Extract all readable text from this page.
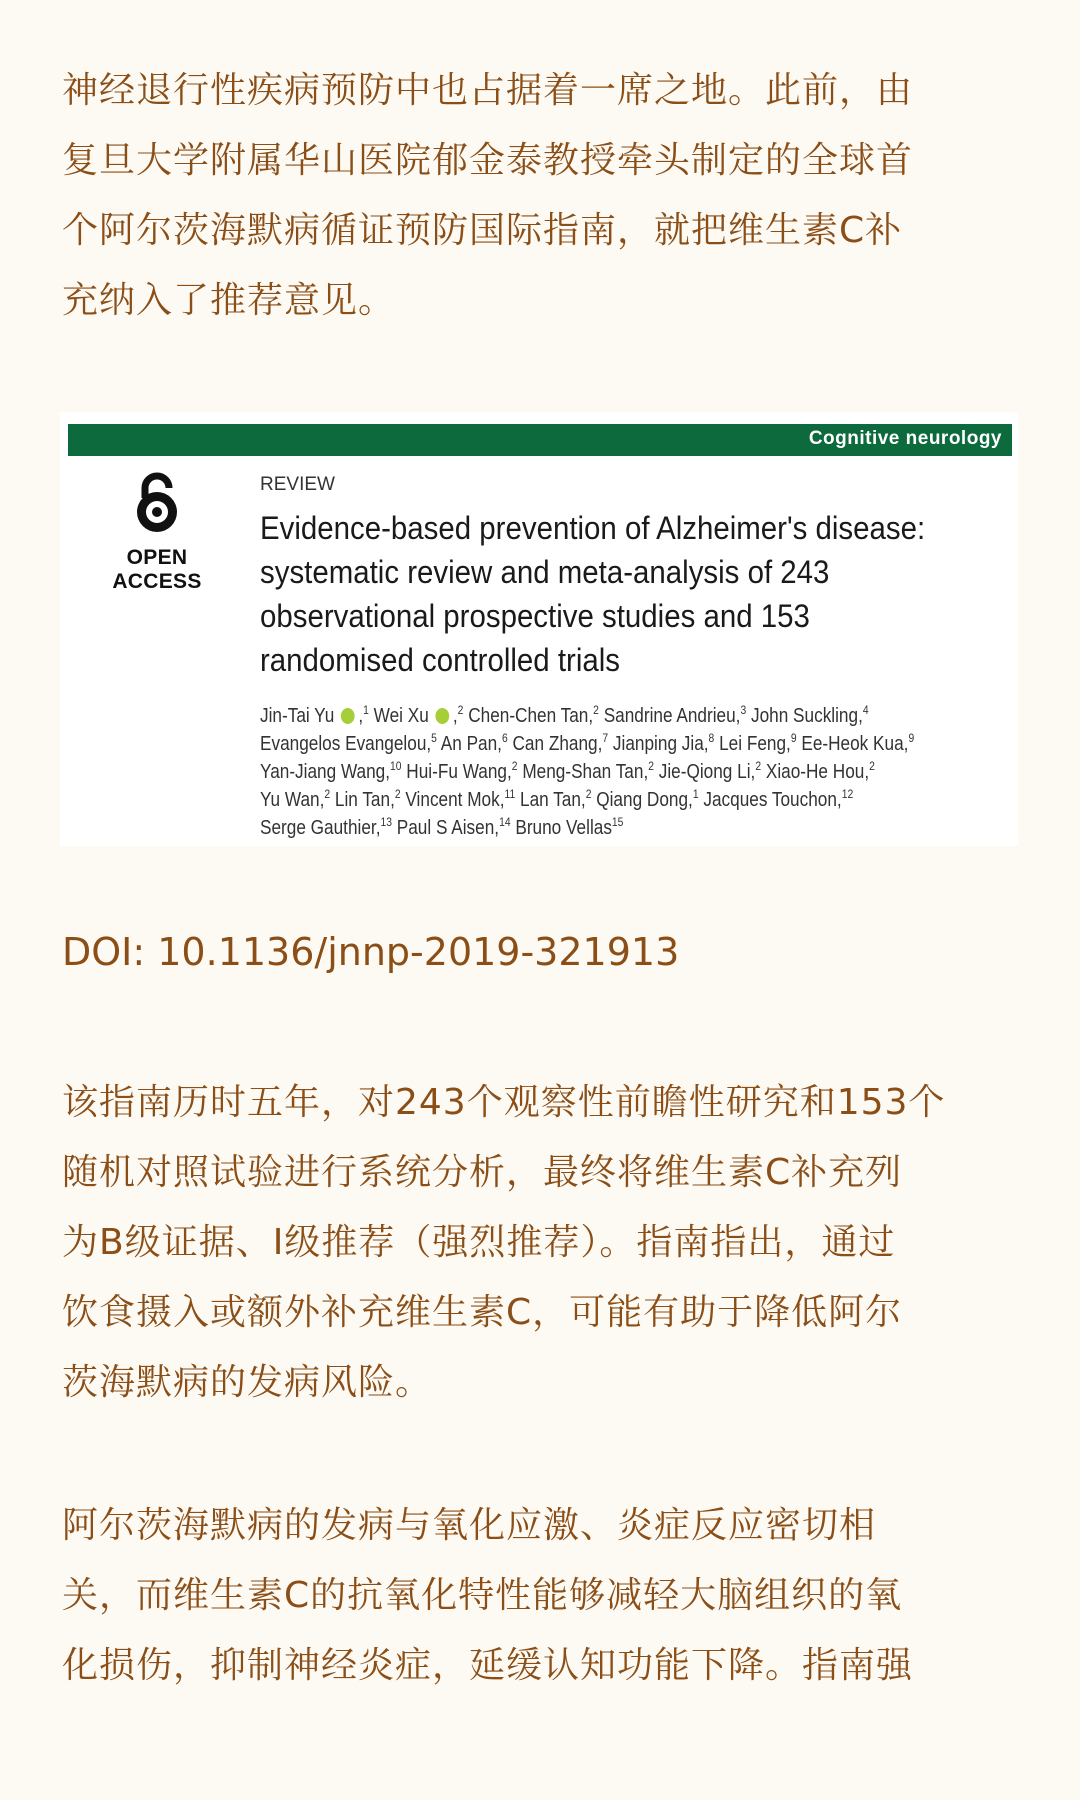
神经退行性疾病预防中也占据着一席之地。此前，由
复旦大学附属华山医院郁金泰教授牵头制定的全球首
个阿尔茨海默病循证预防国际指南，就把维生素C补
充纳入了推荐意见。
Cognitive neurology
OPEN ACCESS
REVIEW
Evidence-based prevention of Alzheimer's disease:
systematic review and meta-analysis of 243
observational prospective studies and 153
randomised controlled trials
Jin-Tai Yu ,$^1$ Wei Xu ,$^2$ Chen-Chen Tan,$^2$ Sandrine Andrieu,$^3$ John Suckling,$^4$
Evangelos Evangelou,$^5$ An Pan,$^6$ Can Zhang,$^7$ Jianping Jia,$^8$ Lei Feng,$^9$ Ee-Heok Kua,$^9$
Yan-Jiang Wang,$^{10}$ Hui-Fu Wang,$^2$ Meng-Shan Tan,$^2$ Jie-Qiong Li,$^2$ Xiao-He Hou,$^2$
Yu Wan,$^2$ Lin Tan,$^2$ Vincent Mok,$^{11}$ Lan Tan,$^2$ Qiang Dong,$^1$ Jacques Touchon,$^{12}$
Serge Gauthier,$^{13}$ Paul S Aisen,$^{14}$ Bruno Vellas$^{15}$
DOI: 10.1136/jnnp-2019-321913
该指南历时五年，对243个观察性前瞻性研究和153个
随机对照试验进行系统分析，最终将维生素C补充列
为B级证据、I级推荐（强烈推荐）。指南指出，通过
饮食摄入或额外补充维生素C，可能有助于降低阿尔
茨海默病的发病风险。
阿尔茨海默病的发病与氧化应激、炎症反应密切相
关，而维生素C的抗氧化特性能够减轻大脑组织的氧
化损伤，抑制神经炎症，延缓认知功能下降。指南强
